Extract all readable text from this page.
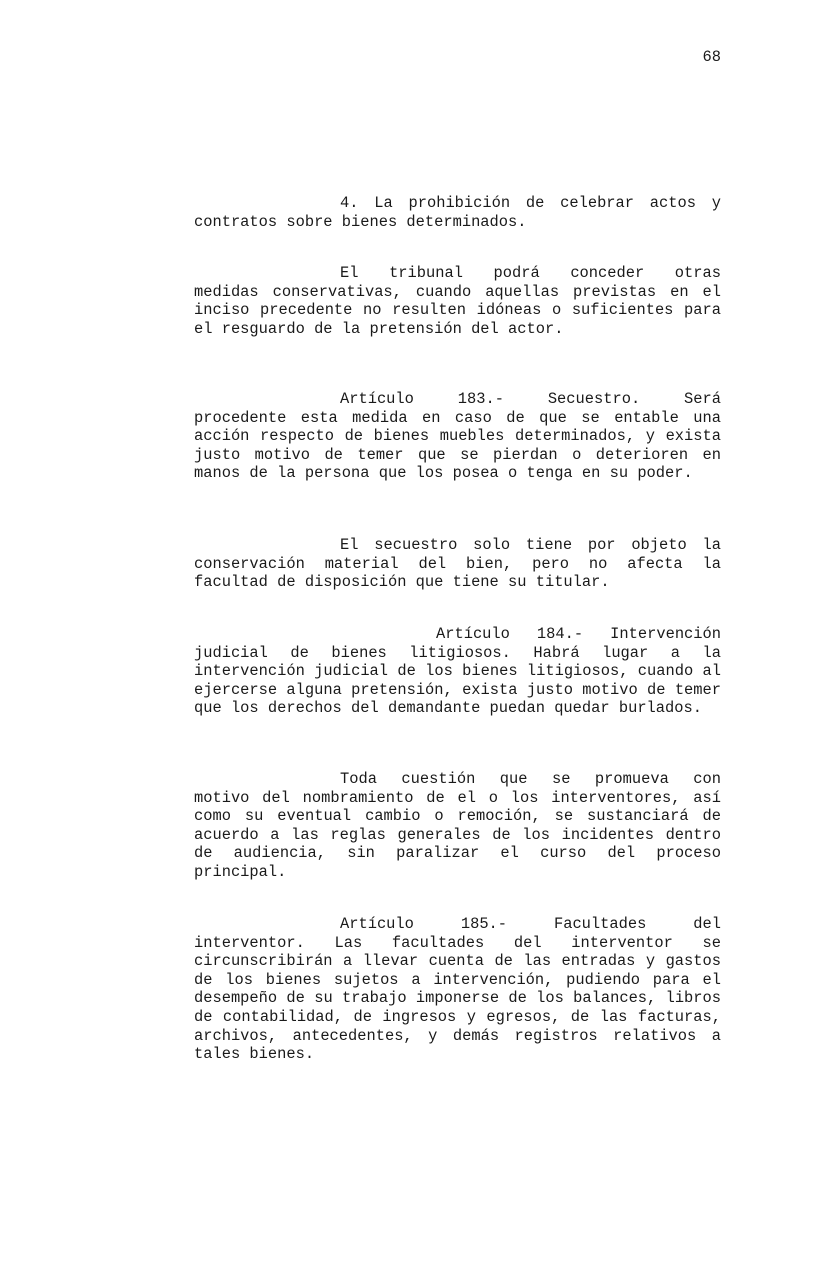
68
4. La prohibición de celebrar actos y
contratos sobre bienes determinados.
El tribunal podrá conceder otras
medidas conservativas, cuando aquellas previstas en el inciso precedente no resulten idóneas o suficientes para el resguardo de la pretensión del actor.
Artículo 183.- Secuestro. Será
procedente esta medida en caso de que se entable una acción respecto de bienes muebles determinados, y exista justo motivo de temer que se pierdan o deterioren en manos de la persona que los posea o tenga en su poder.
El secuestro solo tiene por objeto la
conservación material del bien, pero no afecta la facultad de disposición que tiene su titular.
Artículo 184.- Intervención
judicial de bienes litigiosos. Habrá lugar a la intervención judicial de los bienes litigiosos, cuando al ejercerse alguna pretensión, exista justo motivo de temer que los derechos del demandante puedan quedar burlados.
Toda cuestión que se promueva con
motivo del nombramiento de el o los interventores, así como su eventual cambio o remoción, se sustanciará de acuerdo a las reglas generales de los incidentes dentro de audiencia, sin paralizar el curso del proceso principal.
Artículo 185.- Facultades del
interventor. Las facultades del interventor se circunscribirán a llevar cuenta de las entradas y gastos de los bienes sujetos a intervención, pudiendo para el desempeño de su trabajo imponerse de los balances, libros de contabilidad, de ingresos y egresos, de las facturas, archivos, antecedentes, y demás registros relativos a tales bienes.
